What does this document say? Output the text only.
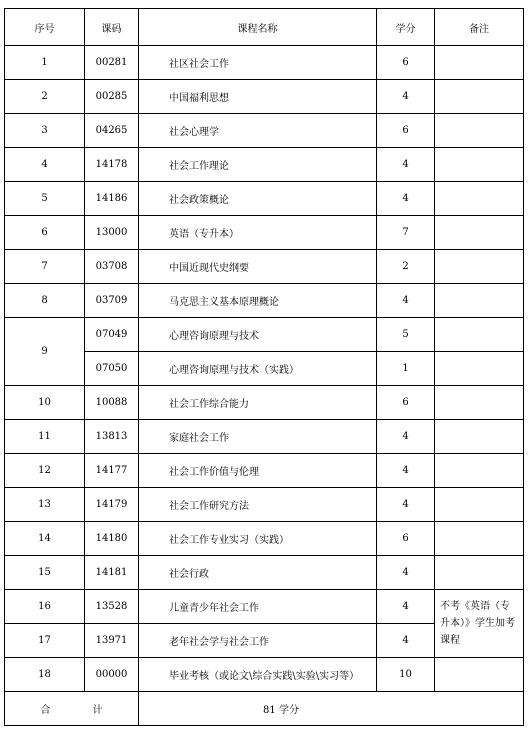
序号	课码	课程名称	学分	备注
1	00281	社区社会工作	6	
2	00285	中国福利思想	4	
3	04265	社会心理学	6	
4	14178	社会工作理论	4	
5	14186	社会政策概论	4	
6	13000	英语（专升本）	7	
7	03708	中国近现代史纲要	2	
8	03709	马克思主义基本原理概论	4	
9	07049	心理咨询原理与技术	5	
	07050	心理咨询原理与技术（实践）	1	
10	10088	社会工作综合能力	6	
11	13813	家庭社会工作	4	
12	14177	社会工作价值与伦理	4	
13	14179	社会工作研究方法	4	
14	14180	社会工作专业实习（实践）	6	
15	14181	社会行政	4	
16	13528	儿童青少年社会工作	4	不考《英语（专升本）》学生加考课程
17	13971	老年社会学与社会工作	4	
18	00000	毕业考核（或论文\综合实践\实验\实习等）	10	
合 计		81 学分		
